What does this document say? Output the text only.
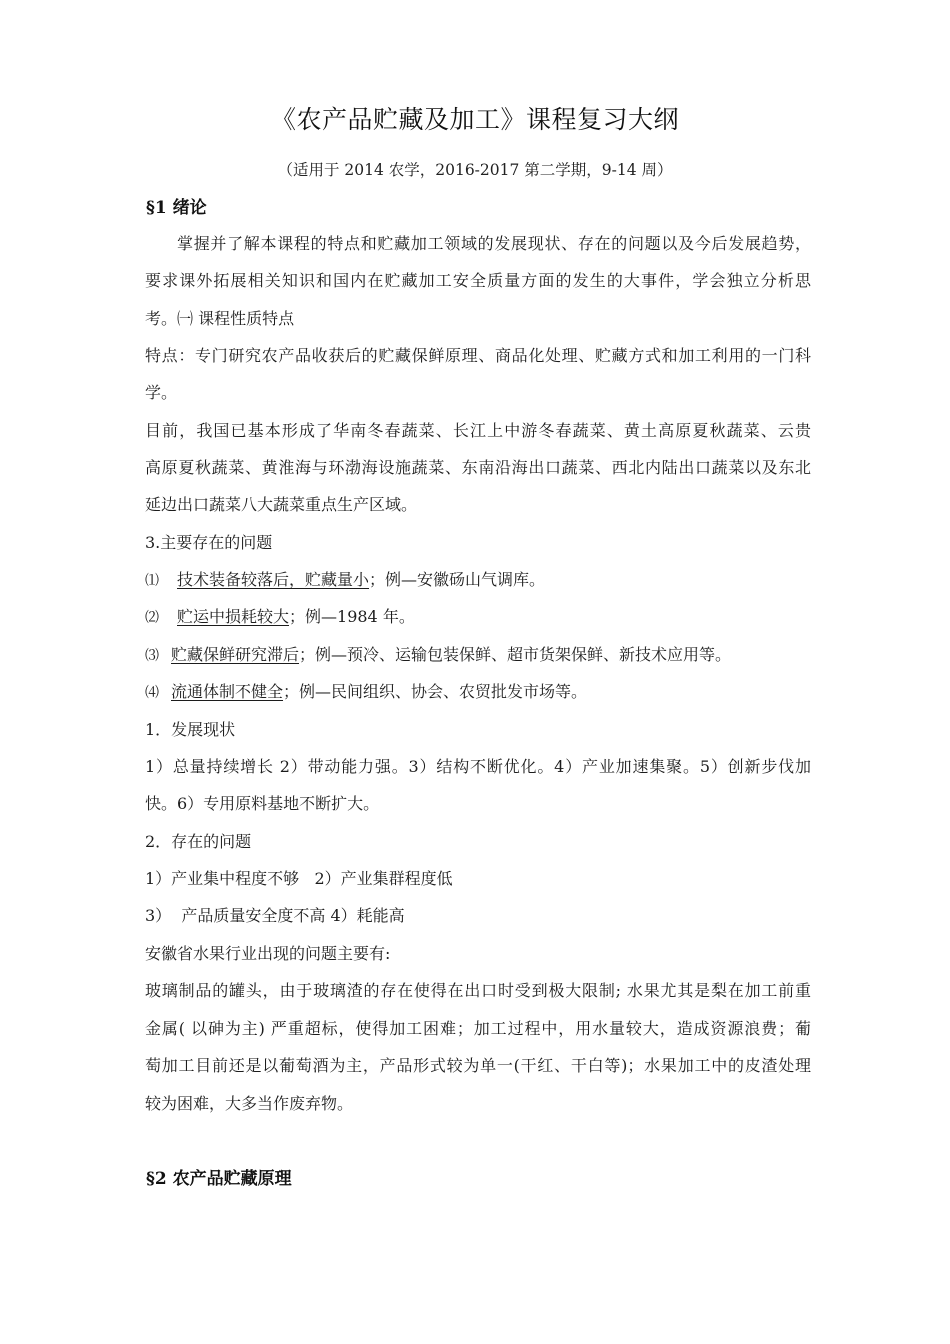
《农产品贮藏及加工》课程复习大纲
（适用于 2014 农学，2016-2017 第二学期，9-14 周）
§1 绪论
掌握并了解本课程的特点和贮藏加工领域的发展现状、存在的问题以及今后发展趋势，
要求课外拓展相关知识和国内在贮藏加工安全质量方面的发生的大事件，学会独立分析思
考。㈠ 课程性质特点
特点：专门研究农产品收获后的贮藏保鲜原理、商品化处理、贮藏方式和加工利用的一门科
学。
目前，我国已基本形成了华南冬春蔬菜、长江上中游冬春蔬菜、黄土高原夏秋蔬菜、云贵
高原夏秋蔬菜、黄淮海与环渤海设施蔬菜、东南沿海出口蔬菜、西北内陆出口蔬菜以及东北
延边出口蔬菜八大蔬菜重点生产区域。
3.主要存在的问题
⑴ 技术装备较落后，贮藏量小；例—安徽砀山气调库。
⑵ 贮运中损耗较大；例—1984 年。
⑶ 贮藏保鲜研究滞后；例—预冷、运输包装保鲜、超市货架保鲜、新技术应用等。
⑷ 流通体制不健全；例—民间组织、协会、农贸批发市场等。
1．发展现状
1）总量持续增长 2）带动能力强。3）结构不断优化。4）产业加速集聚。5）创新步伐加
快。6）专用原料基地不断扩大。
2．存在的问题
1）产业集中程度不够   2）产业集群程度低
3）  产品质量安全度不高 4）耗能高
安徽省水果行业出现的问题主要有:
玻璃制品的罐头，由于玻璃渣的存在使得在出口时受到极大限制; 水果尤其是梨在加工前重
金属( 以砷为主) 严重超标，使得加工困难；加工过程中，用水量较大，造成资源浪费；葡
萄加工目前还是以葡萄酒为主，产品形式较为单一(干红、干白等)；水果加工中的皮渣处理
较为困难，大多当作废弃物。
§2 农产品贮藏原理
